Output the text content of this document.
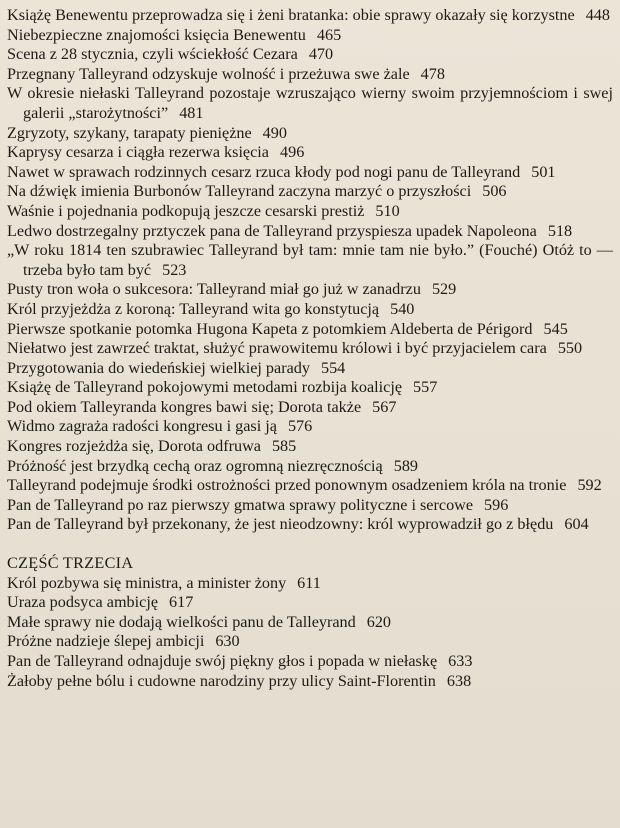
Książę Benewentu przeprowadza się i żeni bratanka: obie sprawy okazały się korzystne 448
Niebezpieczne znajomości księcia Benewentu 465
Scena z 28 stycznia, czyli wściekłość Cezara 470
Przegnany Talleyrand odzyskuje wolność i przeżuwa swe żale 478
W okresie niełaski Talleyrand pozostaje wzruszająco wierny swoim przyjemnościom i swej galerii „starożytności” 481
Zgryzoty, szykany, tarapaty pieniężne 490
Kaprysy cesarza i ciągła rezerwa księcia 496
Nawet w sprawach rodzinnych cesarz rzuca kłody pod nogi panu de Talleyrand 501
Na dźwięk imienia Burbonów Talleyrand zaczyna marzyć o przyszłości 506
Waśnie i pojednania podkopują jeszcze cesarski prestiż 510
Ledwo dostrzegalny prztyczek pana de Talleyrand przyspiesza upadek Napoleona 518
„W roku 1814 ten szubrawiec Talleyrand był tam: mnie tam nie było.” (Fouché) Otóż to — trzeba było tam być 523
Pusty tron woła o sukcesora: Talleyrand miał go już w zanadrzu 529
Król przyjeżdża z koroną: Talleyrand wita go konstytucją 540
Pierwsze spotkanie potomka Hugona Kapeta z potomkiem Aldeberta de Périgord 545
Niełatwo jest zawrzeć traktat, służyć prawowitemu królowi i być przyjacielem cara 550
Przygotowania do wiedeńskiej wielkiej parady 554
Książę de Talleyrand pokojowymi metodami rozbija koalicję 557
Pod okiem Talleyranda kongres bawi się; Dorota także 567
Widmo zagraża radości kongresu i gasi ją 576
Kongres rozjeżdża się, Dorota odfruwa 585
Próżność jest brzydką cechą oraz ogromną niezręcznością 589
Talleyrand podejmuje środki ostrożności przed ponownym osadzeniem króla na tronie 592
Pan de Talleyrand po raz pierwszy gmatwa sprawy polityczne i sercowe 596
Pan de Talleyrand był przekonany, że jest nieodzowny: król wyprowadził go z błędu 604
CZĘŚĆ TRZECIA
Król pozbywa się ministra, a minister żony 611
Uraza podsyca ambicję 617
Małe sprawy nie dodają wielkości panu de Talleyrand 620
Próżne nadzieje ślepej ambicji 630
Pan de Talleyrand odnajduje swój piękny głos i popada w niełaskę 633
Żałoby pełne bólu i cudowne narodziny przy ulicy Saint-Florentin 638
